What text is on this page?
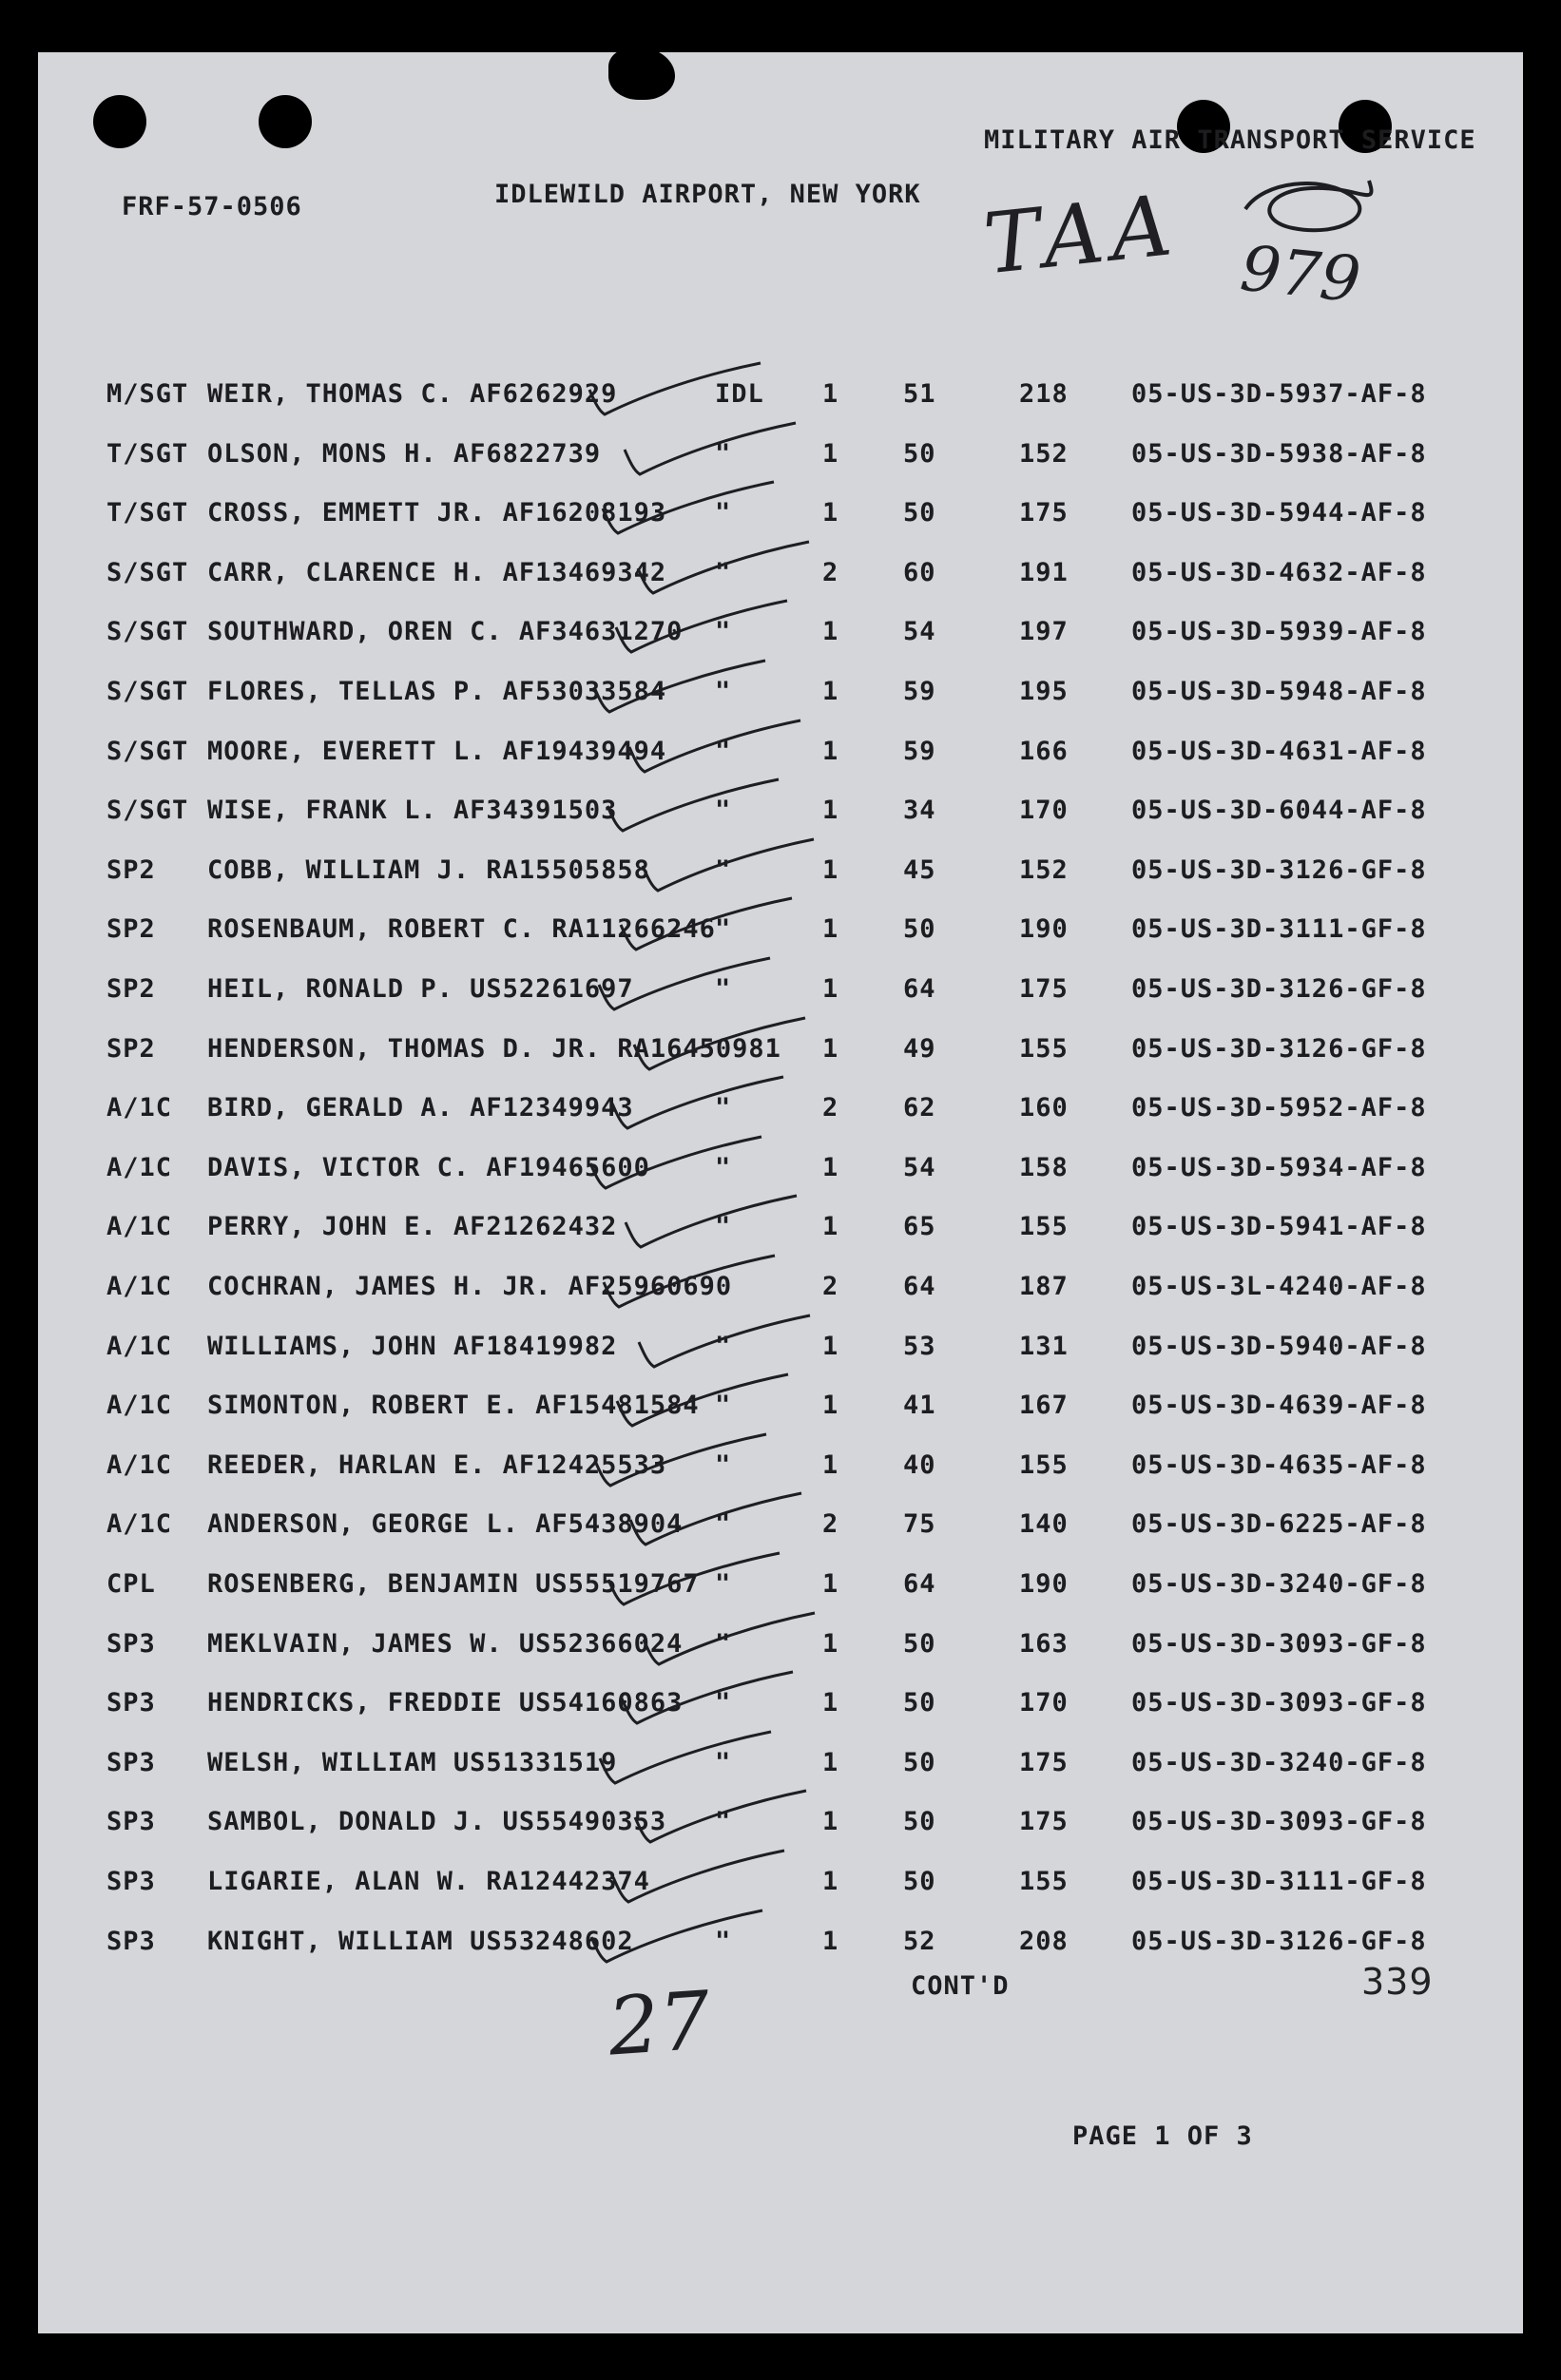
MILITARY AIR TRANSPORT SERVICE
FRF-57-0506	IDLEWILD AIRPORT, NEW YORK TAA 979
M/SGT WEIR, THOMAS C. AF6262929	IDL 1	51	218 05-US-3D-5937-AF-8
T/SGT OLSON, MONS H. AF6822739	"	1	50	152 05-US-3D-5938-AF-8
T/SGT CROSS, EMMETT JR. AF16208193 "	1	50	175 05-US-3D-5944-AF-8
S/SGT CARR, CLARENCE H. AF13469342 "	2	60	191 05-US-3D-4632-AF-8
S/SGT SOUTHWARD, OREN C. AF34631270 "	1	54	197 05-US-3D-5939-AF-8
S/SGT FLORES, TELLAS P. AF53033584 "	1	59	195 05-US-3D-5948-AF-8
S/SGT MOORE, EVERETT L. AF19439494 "	1	59	166 05-US-3D-4631-AF-8
S/SGT WISE, FRANK L. AF34391503	"	1	34	170 05-US-3D-6044-AF-8
SP2 COBB, WILLIAM J. RA15505858	"	1	45	152 05-US-3D-3126-GF-8
SP2 ROSENBAUM, ROBERT C. RA11266246 "	1	50	190 05-US-3D-3111-GF-8
SP2 HEIL, RONALD P. US52261697	"	1	64	175 05-US-3D-3126-GF-8
SP2 HENDERSON, THOMAS D. JR. RA16450981 1	49	155 05-US-3D-3126-GF-8
A/1C BIRD, GERALD A. AF12349943	"	2	62	160 05-US-3D-5952-AF-8
A/1C DAVIS, VICTOR C. AF19465600	"	1	54	158 05-US-3D-5934-AF-8
A/1C PERRY, JOHN E. AF21262432	"	1	65	155 05-US-3D-5941-AF-8
A/1C COCHRAN, JAMES H. JR. AF25960690	2	64	187 05-US-3L-4240-AF-8
A/1C WILLIAMS, JOHN AF18419982	"	1	53	131 05-US-3D-5940-AF-8
A/1C SIMONTON, ROBERT E. AF15481584 "	1	41	167 05-US-3D-4639-AF-8
A/1C REEDER, HARLAN E. AF12425533 "	1	40	155 05-US-3D-4635-AF-8
A/1C ANDERSON, GEORGE L. AF5438904 "	2	75	140 05-US-3D-6225-AF-8
CPL ROSENBERG, BENJAMIN US55519767 "	1	64	190 05-US-3D-3240-GF-8
SP3 MEKLVAIN, JAMES W. US52366024 "	1	50	163 05-US-3D-3093-GF-8
SP3 HENDRICKS, FREDDIE US54160863 "	1	50	170 05-US-3D-3093-GF-8
SP3 WELSH, WILLIAM US51331519	"	1	50	175 05-US-3D-3240-GF-8
SP3 SAMBOL, DONALD J. US55490353 "	1	50	175 05-US-3D-3093-GF-8
SP3 LIGARIE, ALAN W. RA12442374	1	50	155 05-US-3D-3111-GF-8
SP3 KNIGHT, WILLIAM US53248602	"	1	52	208 05-US-3D-3126-GF-8
27	CONT'D	339
PAGE 1 OF 3
